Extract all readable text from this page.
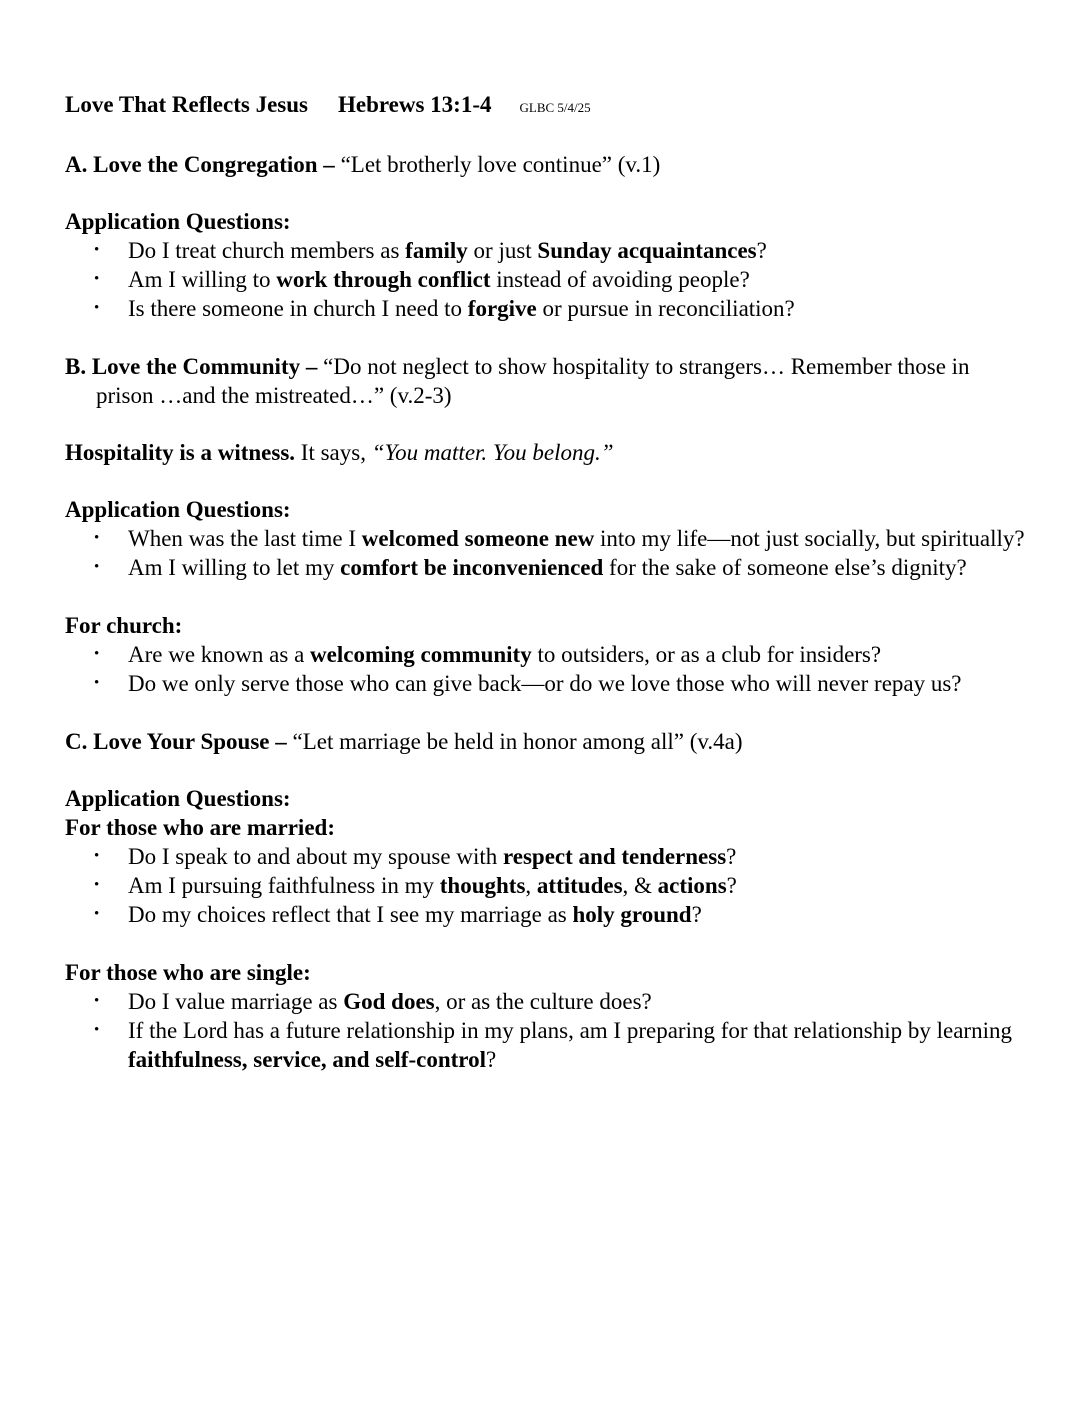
Love That Reflects Jesus Hebrews 13:1-4 GLBC 5/4/25
A. Love the Congregation – “Let brotherly love continue” (v.1)
Application Questions:
• Do I treat church members as family or just Sunday acquaintances?
• Am I willing to work through conflict instead of avoiding people?
• Is there someone in church I need to forgive or pursue in reconciliation?
B. Love the Community – “Do not neglect to show hospitality to strangers… Remember those in prison …and the mistreated…” (v.2-3)

Hospitality is a witness. It says, “You matter. You belong.”

Application Questions:
• When was the last time I welcomed someone new into my life—not just socially, but spiritually?
• Am I willing to let my comfort be inconvenienced for the sake of someone else’s dignity?
For church:
• Are we known as a welcoming community to outsiders, or as a club for insiders?
• Do we only serve those who can give back—or do we love those who will never repay us?
C. Love Your Spouse – “Let marriage be held in honor among all” (v.4a)
Application Questions:
For those who are married:
• Do I speak to and about my spouse with respect and tenderness?
• Am I pursuing faithfulness in my thoughts, attitudes, & actions?
• Do my choices reflect that I see my marriage as holy ground?
For those who are single:
• Do I value marriage as God does, or as the culture does?
• If the Lord has a future relationship in my plans, am I preparing for that relationship by learning faithfulness, service, and self-control?
